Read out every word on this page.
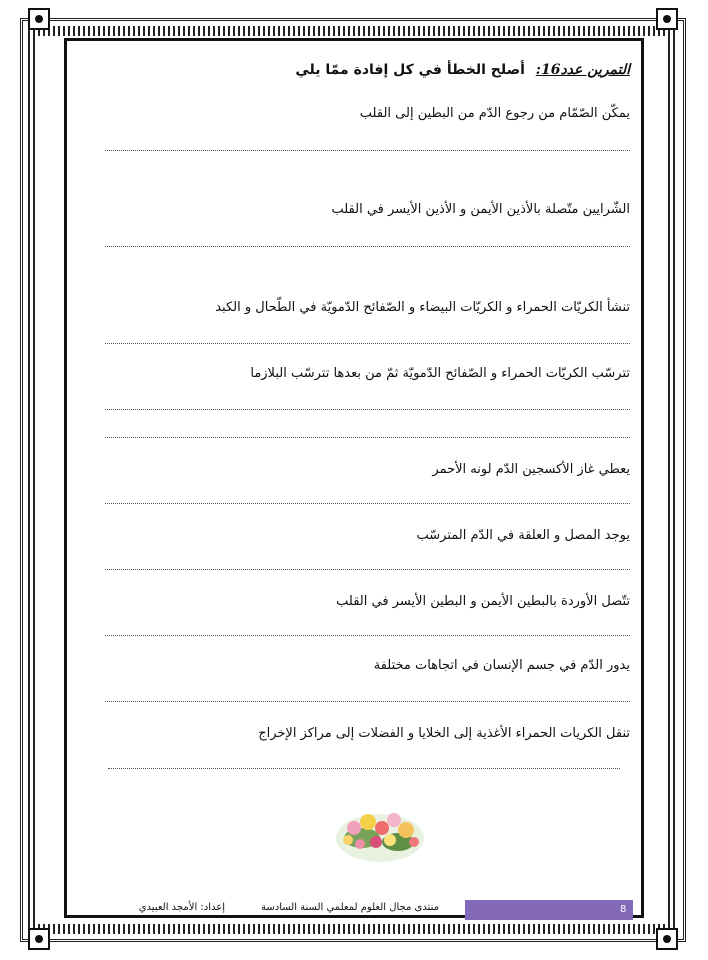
التمرين عدد16: أصلح الخطأ في كل إفادة ممّا يلي
يمكّن الصّمّام من رجوع الدّم من البطين إلى القلب
الشّرايين متّصلة بالأذين الأيمن و الأذين الأيسر في القلب
تنشأ الكريّات الحمراء و الكريّات البيضاء و الصّفائح الدّمويّة في الطّحال و الكبد
تترسّب الكريّات الحمراء و الصّفائح الدّمويّة ثمّ من بعدها تترسّب البلازما
يعطي غاز الأكسجين الدّم لونه الأحمر
يوجد المصل و العلقة في الدّم المترسّب
تتّصل الأوردة بالبطين الأيمن و البطين الأيسر في القلب
يدور الدّم في جسم الإنسان في اتجاهات مختلفة
تنقل الكريات الحمراء الأغذية إلى الخلايا و الفضلات إلى مراكز الإخراج
إعداد: الأمجد العبيدي	منتدى مجال العلوم لمعلمي السنة السادسة	8
